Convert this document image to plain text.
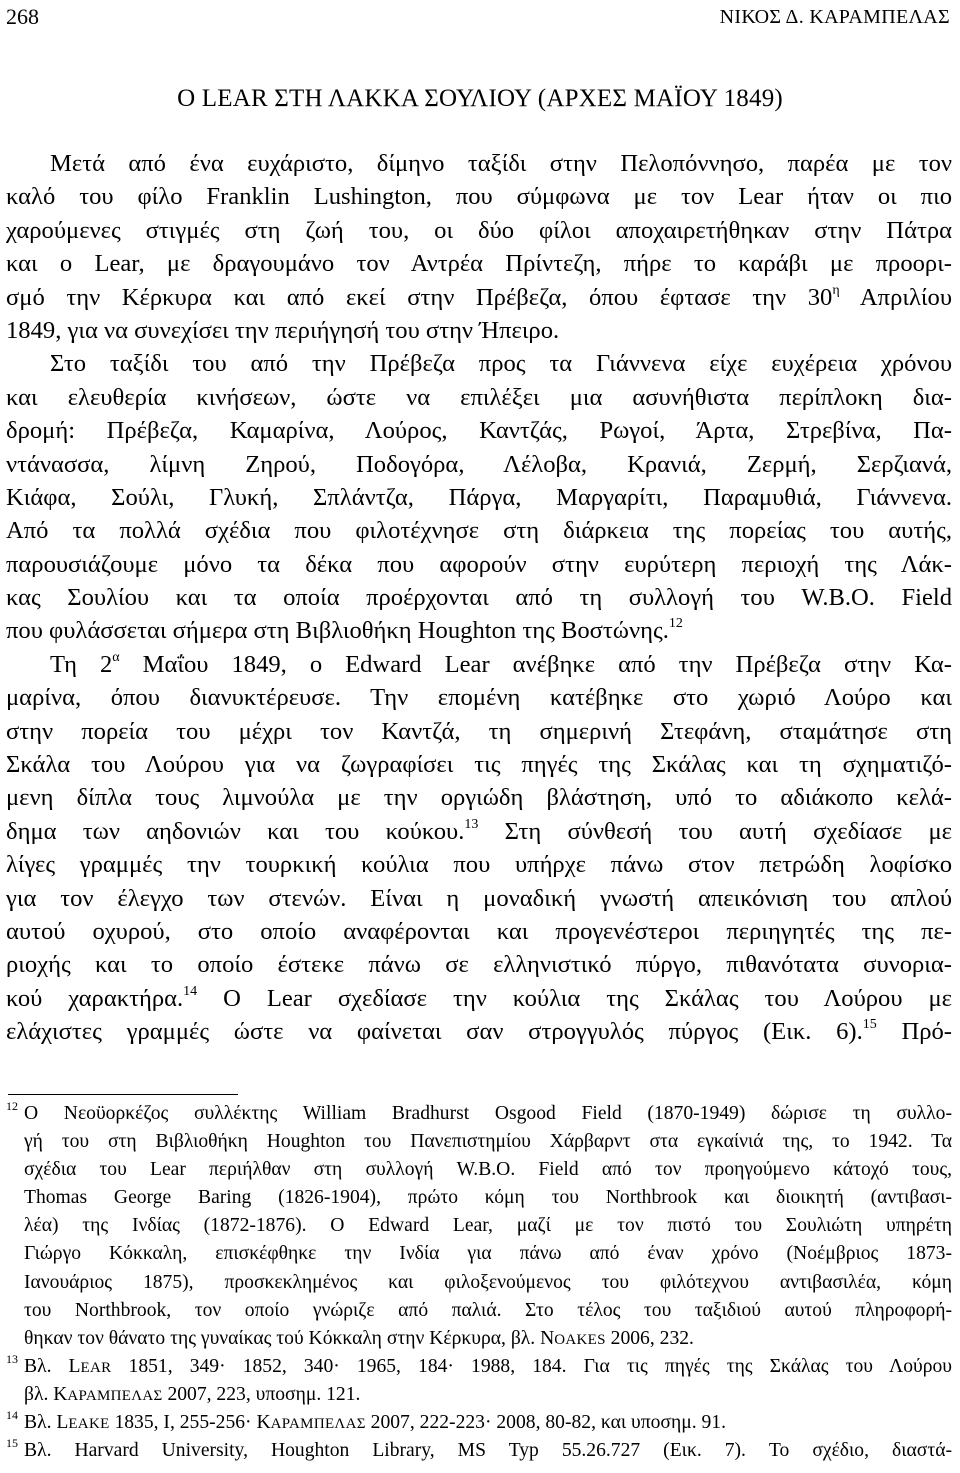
268	ΝΙΚΟΣ Δ. ΚΑΡΑΜΠΕΛΑΣ
Ο LEAR ΣΤΗ ΛΑΚΚΑ ΣΟΥΛΙΟΥ (ΑΡΧΕΣ ΜΑΪΟΥ 1849)
Μετά από ένα ευχάριστο, δίμηνο ταξίδι στην Πελοπόννησο, παρέα με τον
καλό του φίλο Franklin Lushington, που σύμφωνα με τον Lear ήταν οι πιο
χαρούμενες στιγμές στη ζωή του, οι δύο φίλοι αποχαιρετήθηκαν στην Πάτρα
και ο Lear, με δραγουμάνο τον Αντρέα Πρίντεζη, πήρε το καράβι με προορι-
σμό την Κέρκυρα και από εκεί στην Πρέβεζα, όπου έφτασε την $30^\eta$ Απριλίου
1849, για να συνεχίσει την περιήγησή του στην Ήπειρο.
Στο ταξίδι του από την Πρέβεζα προς τα Γιάννενα είχε ευχέρεια χρόνου
και ελευθερία κινήσεων, ώστε να επιλέξει μια ασυνήθιστα περίπλοκη δια-
δρομή: Πρέβεζα, Καμαρίνα, Λούρος, Καντζάς, Ρωγοί, Άρτα, Στρεβίνα, Πα-
ντάνασσα, λίμνη Ζηρού, Ποδογόρα, Λέλοβα, Κρανιά, Ζερμή, Σερζιανά,
Κιάφα, Σούλι, Γλυκή, Σπλάντζα, Πάργα, Μαργαρίτι, Παραμυθιά, Γιάννενα.
Από τα πολλά σχέδια που φιλοτέχνησε στη διάρκεια της πορείας του αυτής,
παρουσιάζουμε μόνο τα δέκα που αφορούν στην ευρύτερη περιοχή της Λάκ-
κας Σουλίου και τα οποία προέρχονται από τη συλλογή του W.B.O. Field
που φυλάσσεται σήμερα στη Βιβλιοθήκη Houghton της Βοστώνης.$^{12}$
Τη $2^\alpha$ Μαΐου 1849, ο Edward Lear ανέβηκε από την Πρέβεζα στην Κα-
μαρίνα, όπου διανυκτέρευσε. Την επομένη κατέβηκε στο χωριό Λούρο και
στην πορεία του μέχρι τον Καντζά, τη σημερινή Στεφάνη, σταμάτησε στη
Σκάλα του Λούρου για να ζωγραφίσει τις πηγές της Σκάλας και τη σχηματιζό-
μενη δίπλα τους λιμνούλα με την οργιώδη βλάστηση, υπό το αδιάκοπο κελά-
δημα των αηδονιών και του κούκου.$^{13}$ Στη σύνθεσή του αυτή σχεδίασε με
λίγες γραμμές την τουρκική κούλια που υπήρχε πάνω στον πετρώδη λοφίσκο
για τον έλεγχο των στενών. Είναι η μοναδική γνωστή απεικόνιση του απλού
αυτού οχυρού, στο οποίο αναφέρονται και προγενέστεροι περιηγητές της πε-
ριοχής και το οποίο έστεκε πάνω σε ελληνιστικό πύργο, πιθανότατα συνορια-
κού χαρακτήρα.$^{14}$ Ο Lear σχεδίασε την κούλια της Σκάλας του Λούρου με
ελάχιστες γραμμές ώστε να φαίνεται σαν στρογγυλός πύργος (Εικ. 6).$^{15}$ Πρό-
$^{12}$ Ο Νεοϋορκέζος συλλέκτης William Bradhurst Osgood Field (1870-1949) δώρισε τη συλλο-
γή του στη Βιβλιοθήκη Houghton του Πανεπιστημίου Χάρβαρντ στα εγκαίνιά της, το 1942. Τα
σχέδια του Lear περιήλθαν στη συλλογή W.B.O. Field από τον προηγούμενο κάτοχό τους,
Thomas George Baring (1826-1904), πρώτο κόμη του Northbrook και διοικητή (αντιβασι-
λέα) της Ινδίας (1872-1876). Ο Edward Lear, μαζί με τον πιστό του Σουλιώτη υπηρέτη
Γιώργο Κόκκαλη, επισκέφθηκε την Ινδία για πάνω από έναν χρόνο (Νοέμβριος 1873-
Ιανουάριος 1875), προσκεκλημένος και φιλοξενούμενος του φιλότεχνου αντιβασιλέα, κόμη
του Northbrook, τον οποίο γνώριζε από παλιά. Στο τέλος του ταξιδιού αυτού πληροφορή-
θηκαν τον θάνατο της γυναίκας τού Κόκκαλη στην Κέρκυρα, βλ. NOAKES 2006, 232.
$^{13}$ Βλ. LEAR 1851, 349· 1852, 340· 1965, 184· 1988, 184. Για τις πηγές της Σκάλας του Λούρου
βλ. ΚΑΡΑΜΠΕΛΑΣ 2007, 223, υποσημ. 121.
$^{14}$ Βλ. LEAKE 1835, I, 255-256· ΚΑΡΑΜΠΕΛΑΣ 2007, 222-223· 2008, 80-82, και υποσημ. 91.
$^{15}$ Βλ. Harvard University, Houghton Library, MS Typ 55.26.727 (Εικ. 7). Το σχέδιο, διαστά-
